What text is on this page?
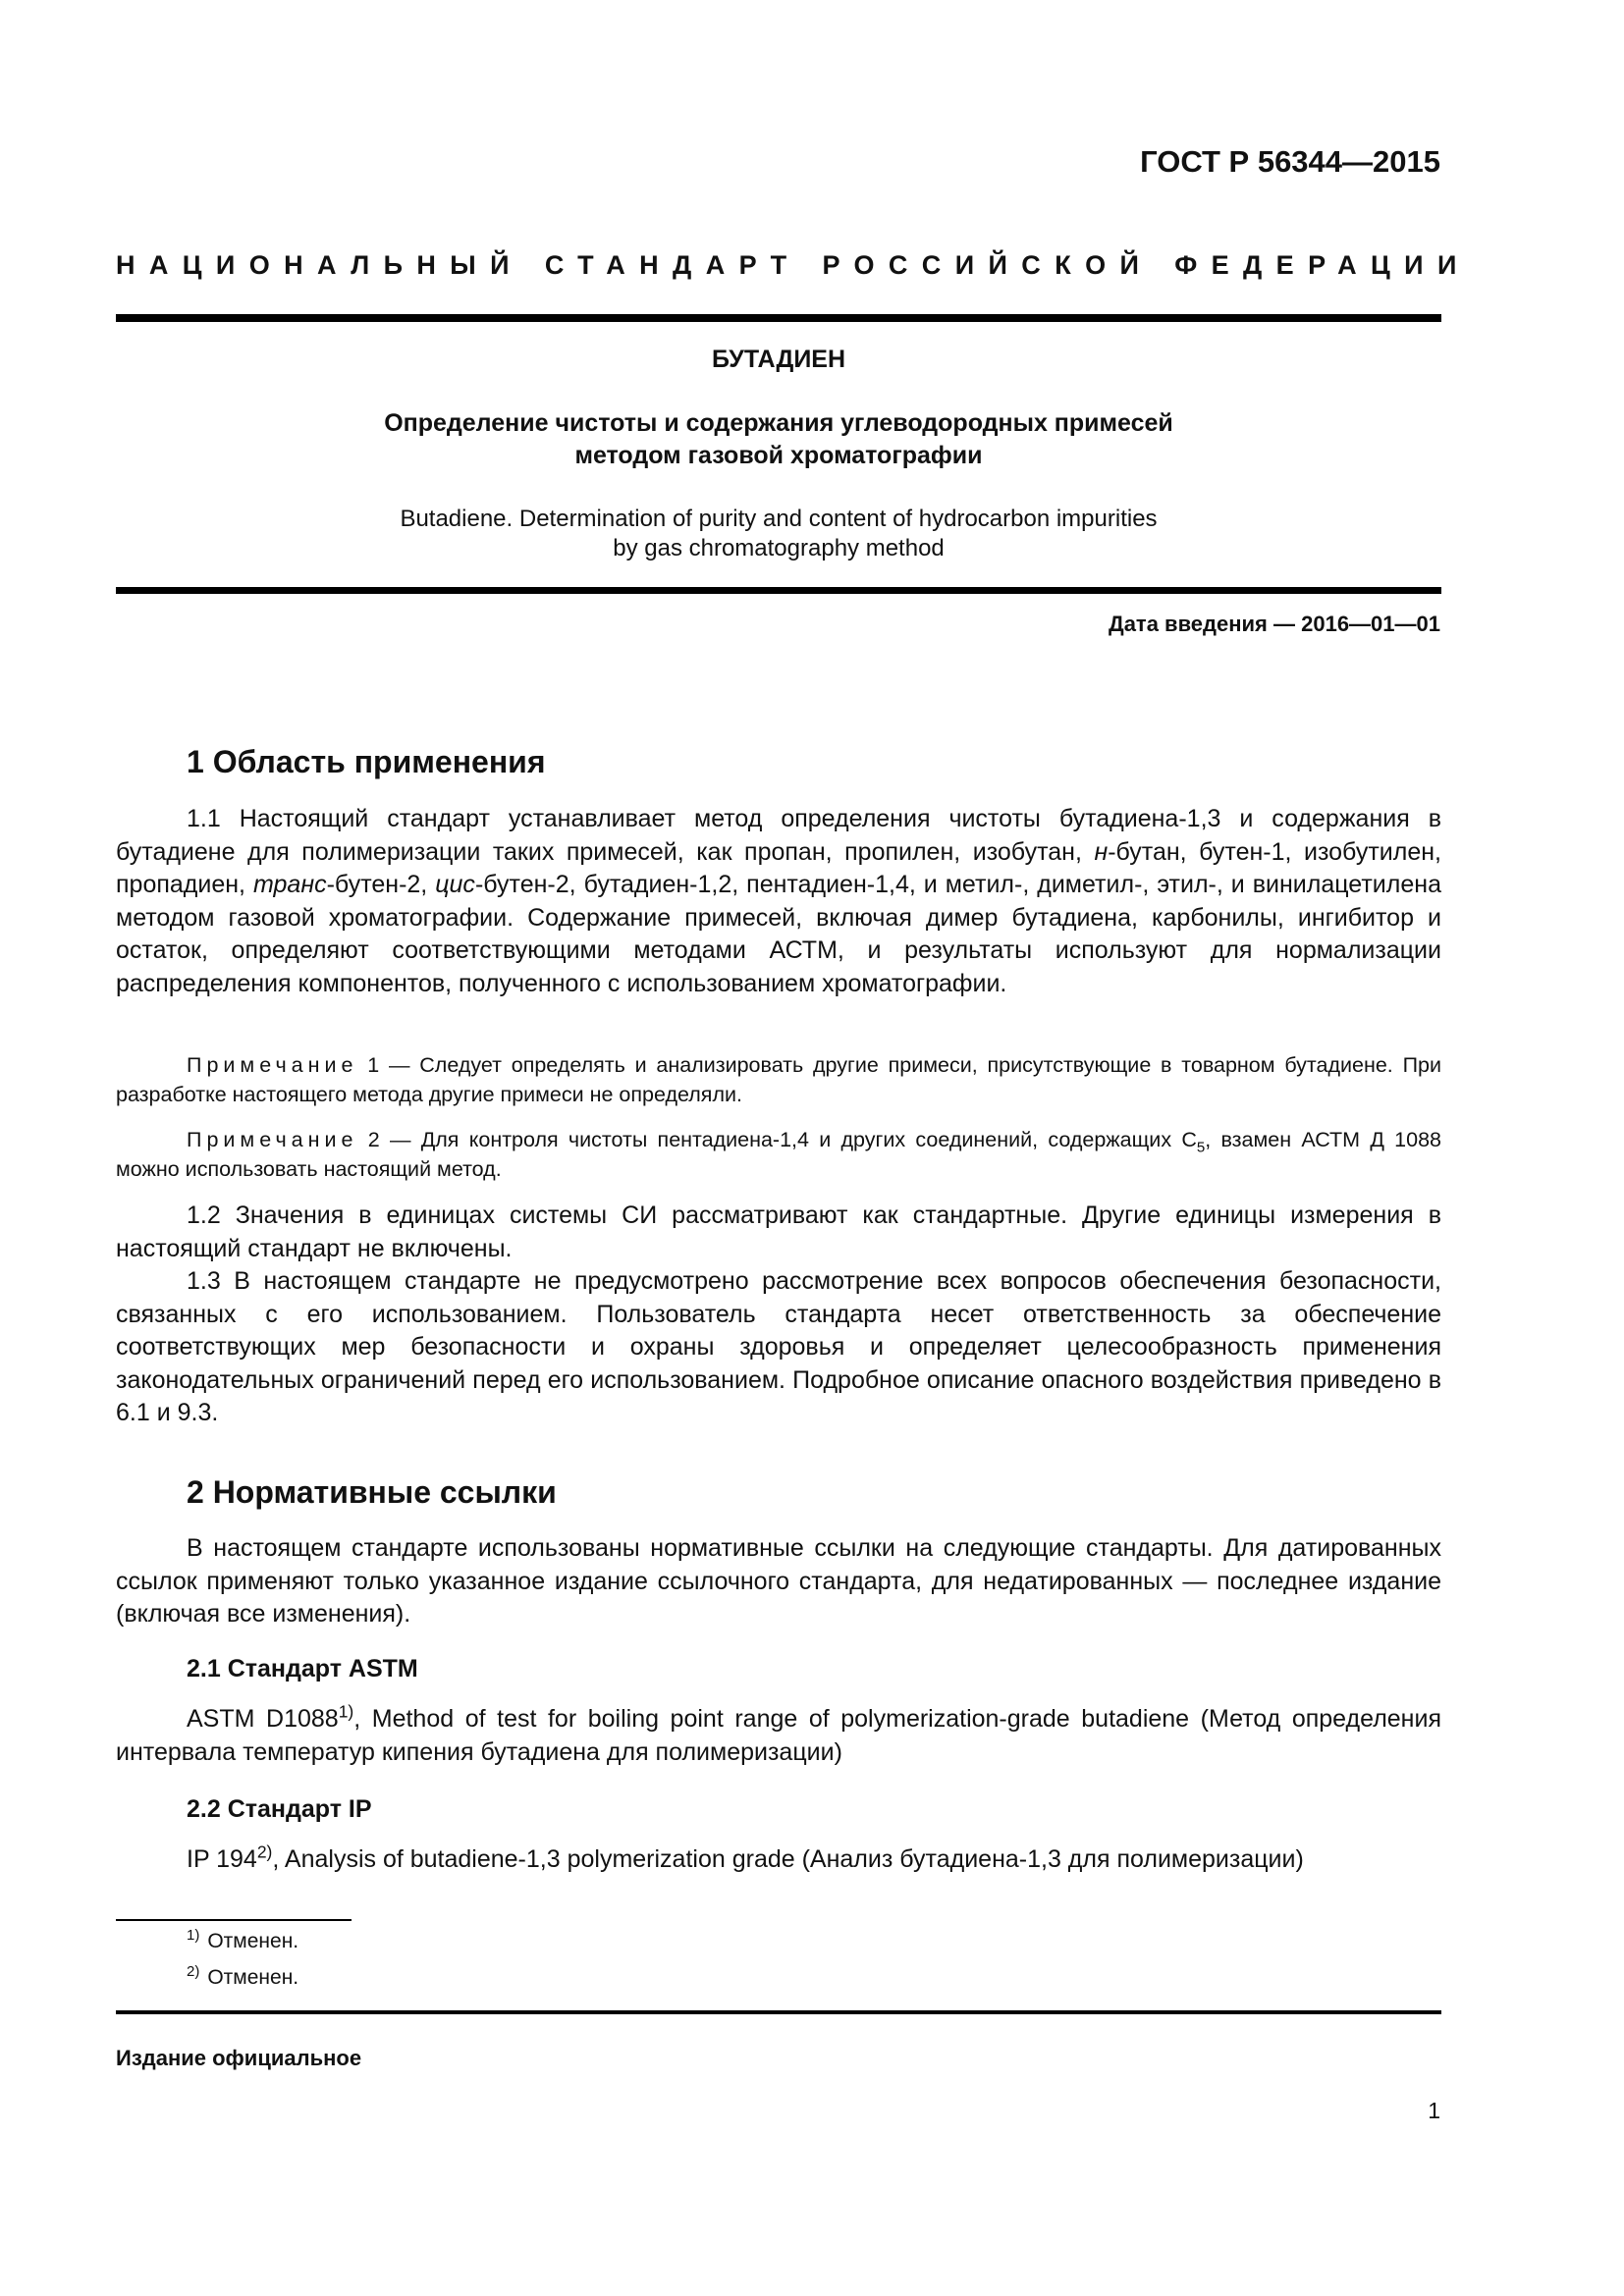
ГОСТ Р 56344—2015
НАЦИОНАЛЬНЫЙ СТАНДАРТ РОССИЙСКОЙ ФЕДЕРАЦИИ
БУТАДИЕН
Определение чистоты и содержания углеводородных примесей
методом газовой хроматографии
Butadiene. Determination of purity and content of hydrocarbon impurities
by gas chromatography method
Дата введения — 2016—01—01
1 Область применения

1.1 Настоящий стандарт устанавливает метод определения чистоты бутадиена-1,3 и содержания в бутадиене для полимеризации таких примесей, как пропан, пропилен, изобутан, н-бутан, бутен-1, изобутилен, пропадиен, транс-бутен-2, цис-бутен-2, бутадиен-1,2, пентадиен-1,4, и метил-, диметил-, этил-, и винилацетилена методом газовой хроматографии. Содержание примесей, включая димер бутадиена, карбонилы, ингибитор и остаток, определяют соответствующими методами АСТМ, и результаты используют для нормализации распределения компонентов, полученного с использованием хроматографии.

Примечание 1 — Следует определять и анализировать другие примеси, присутствующие в товарном бутадиене. При разработке настоящего метода другие примеси не определяли.

Примечание 2 — Для контроля чистоты пентадиена-1,4 и других соединений, содержащих $C_5$, взамен АСТМ Д 1088 можно использовать настоящий метод.

1.2 Значения в единицах системы СИ рассматривают как стандартные. Другие единицы измерения в настоящий стандарт не включены.

1.3 В настоящем стандарте не предусмотрено рассмотрение всех вопросов обеспечения безопасности, связанных с его использованием. Пользователь стандарта несет ответственность за обеспечение соответствующих мер безопасности и охраны здоровья и определяет целесообразность применения законодательных ограничений перед его использованием. Подробное описание опасного воздействия приведено в 6.1 и 9.3.

2 Нормативные ссылки

В настоящем стандарте использованы нормативные ссылки на следующие стандарты. Для датированных ссылок применяют только указанное издание ссылочного стандарта, для недатированных — последнее издание (включая все изменения).

2.1 Стандарт ASTM

ASTM D1088$^{1)}$, Method of test for boiling point range of polymerization-grade butadiene (Метод определения интервала температур кипения бутадиена для полимеризации)

2.2 Стандарт IP

IP 194$^{2)}$, Analysis of butadiene-1,3 polymerization grade (Анализ бутадиена-1,3 для полимеризации)

$^{1)}$ Отменен.
$^{2)}$ Отменен.
Издание официальное
1
